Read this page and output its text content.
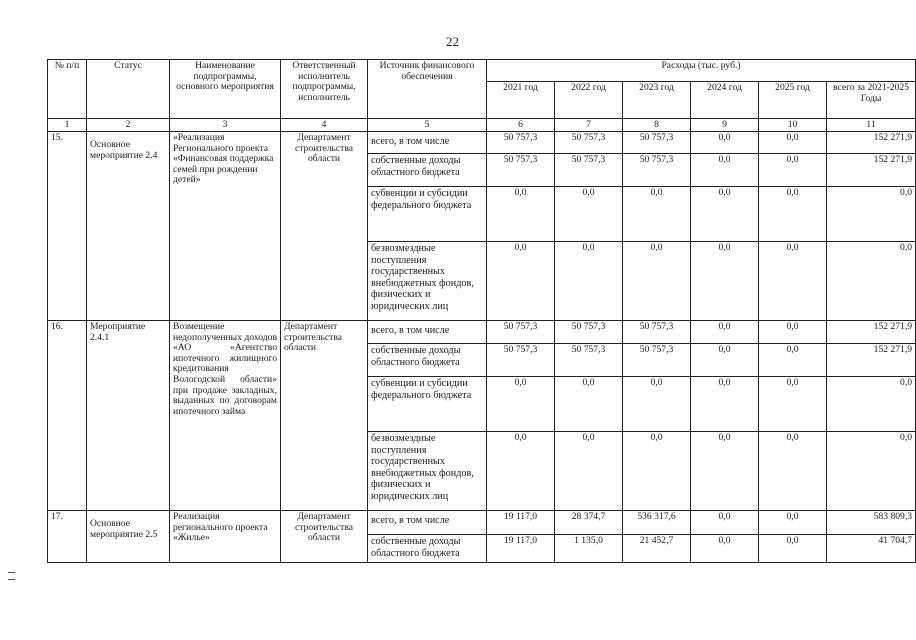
22
№ п/п	Статус	Наименование подпрограммы, основного мероприятия	Ответственный исполнитель подпрограммы, исполнитель	Источник финансового обеспечения	Расходы (тыс. руб.)					
					2021 год	2022 год	2023 год	2024 год	2025 год	всего за 2021-2025 Годы
1	2	3	4	5	6	7	8	9	10	11
15.	Основное мероприятие 2.4	«Реализация Регионального проекта «Финансовая поддержка семей при рождении детей»	Департамент строительства области	всего, в том числе	50 757,3	50 757,3	50 757,3	0,0	0,0	152 271,9
				собственные доходы областного бюджета	50 757,3	50 757,3	50 757,3	0,0	0,0	152 271,9
				субвенции и субсидии федерального бюджета	0,0	0,0	0,0	0,0	0,0	0,0
				безвозмездные поступления государственных внебюджетных фондов, физических и юридических лиц	0,0	0,0	0,0	0,0	0,0	0,0
16.	Мероприятие 2.4.1	Возмещение недополученных доходов «АО «Агентство ипотечного жилищного кредитования Вологодской области» при продаже закладных, выданных по договорам ипотечного займа	Департамент строительства области	всего, в том числе	50 757,3	50 757,3	50 757,3	0,0	0,0	152 271,9
				собственные доходы областного бюджета	50 757,3	50 757,3	50 757,3	0,0	0,0	152 271,9
				субвенции и субсидии федерального бюджета	0,0	0,0	0,0	0,0	0,0	0,0
				безвозмездные поступления государственных внебюджетных фондов, физических и юридических лиц	0,0	0,0	0,0	0,0	0,0	0,0
17.	Основное мероприятие 2.5	Реализация регионального проекта «Жилье»	Департамент строительства области	всего, в том числе	19 117,0	28 374,7	536 317,6	0,0	0,0	583 809,3
				собственные доходы областного бюджета	19 117,0	1 135,0	21 452,7	0,0	0,0	41 704,7
